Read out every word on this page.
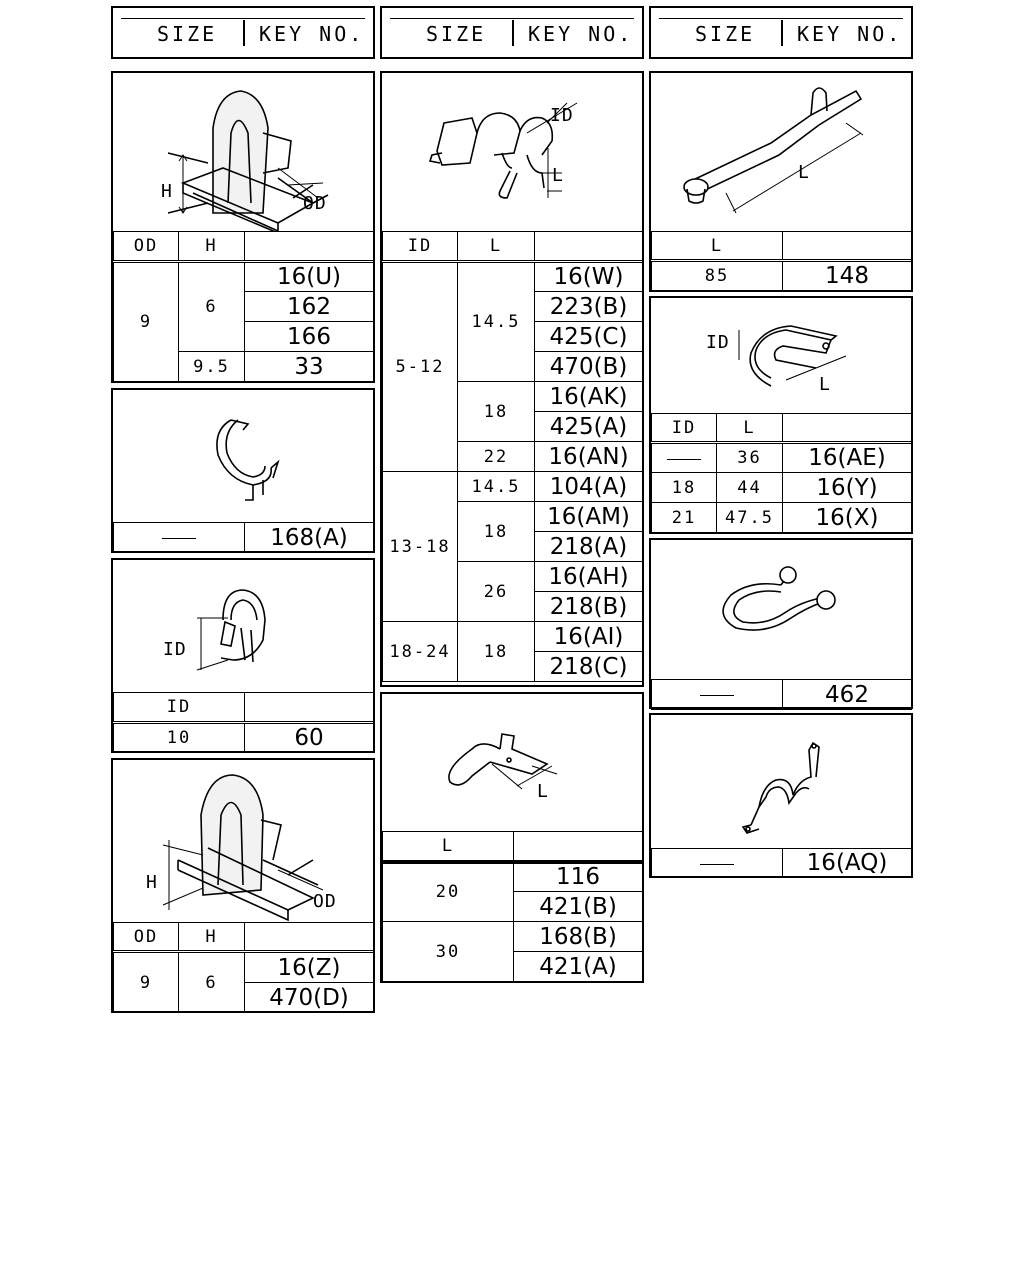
SIZE KEY NO.	SIZE KEY NO.	SIZE KEY NO.
H
OD
OD	H	
9	6	16(U)
		162
		166
	9.5	33
	168(A)
ID
ID	
10	60
H
OD
OD	H	
9	6	16(Z)
		470(D)
ID
L
ID	L	
5-12	14.5	16(W)
		223(B)
		425(C)
		470(B)
	18	16(AK)
		425(A)
	22	16(AN)
13-18	14.5	104(A)
	18	16(AM)
		218(A)
	26	16(AH)
		218(B)
18-24	18	16(AI)
		218(C)
L
L	
20	116
	421(B)
30	168(B)
	421(A)
L
L	
85	148
ID
L
ID	L	
	36	16(AE)
18	44	16(Y)
21	47.5	16(X)
	462
	16(AQ)
